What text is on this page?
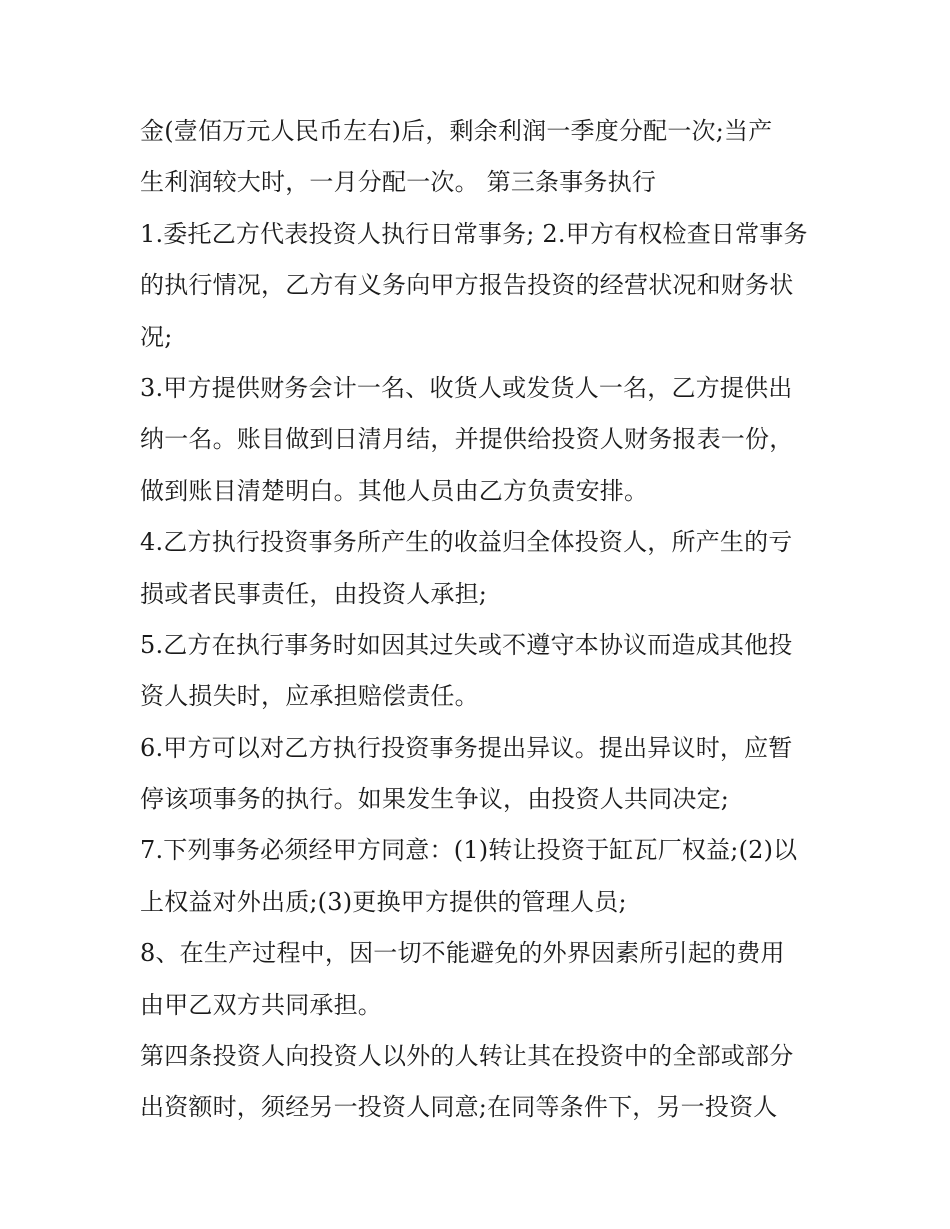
金(壹佰万元人民币左右)后，剩余利润一季度分配一次;当产
生利润较大时，一月分配一次。 第三条事务执行
1.委托乙方代表投资人执行日常事务; 2.甲方有权检查日常事务
的执行情况，乙方有义务向甲方报告投资的经营状况和财务状
况;
3.甲方提供财务会计一名、收货人或发货人一名，乙方提供出
纳一名。账目做到日清月结，并提供给投资人财务报表一份，
做到账目清楚明白。其他人员由乙方负责安排。
4.乙方执行投资事务所产生的收益归全体投资人，所产生的亏
损或者民事责任，由投资人承担;
5.乙方在执行事务时如因其过失或不遵守本协议而造成其他投
资人损失时，应承担赔偿责任。
6.甲方可以对乙方执行投资事务提出异议。提出异议时，应暂
停该项事务的执行。如果发生争议，由投资人共同决定;
7.下列事务必须经甲方同意：(1)转让投资于缸瓦厂权益;(2)以
上权益对外出质;(3)更换甲方提供的管理人员;
8、在生产过程中，因一切不能避免的外界因素所引起的费用
由甲乙双方共同承担。
第四条投资人向投资人以外的人转让其在投资中的全部或部分
出资额时，须经另一投资人同意;在同等条件下，另一投资人
